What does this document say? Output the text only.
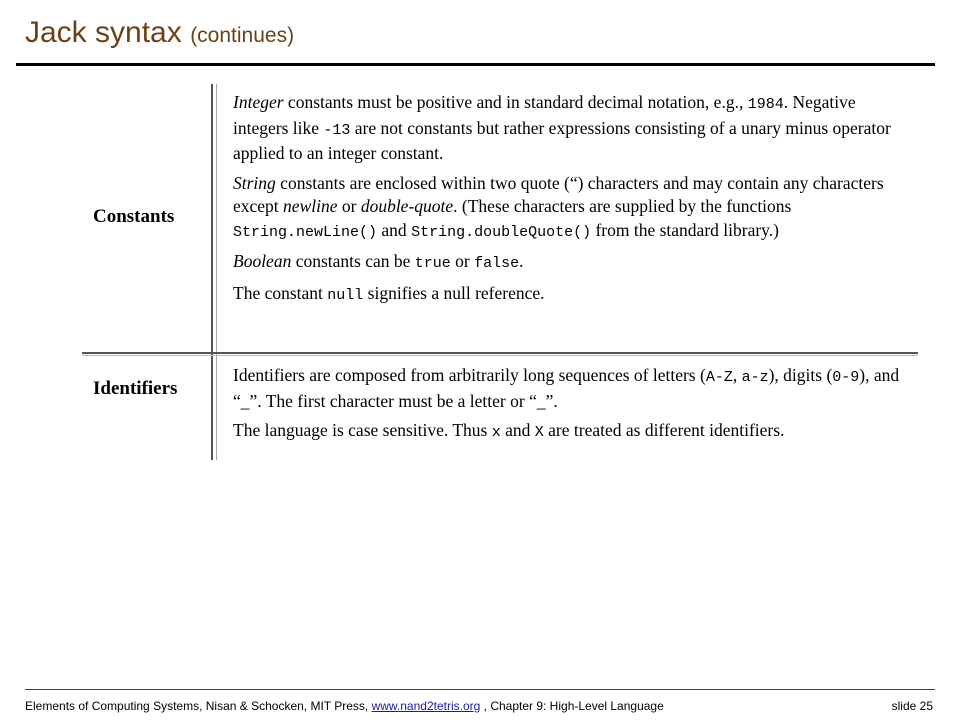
Jack syntax (continues)
Constants

Integer constants must be positive and in standard decimal notation, e.g., 1984. Negative integers like -13 are not constants but rather expressions consisting of a unary minus operator applied to an integer constant.

String constants are enclosed within two quote (“) characters and may contain any characters except newline or double-quote. (These characters are supplied by the functions String.newLine() and String.doubleQuote() from the standard library.)

Boolean constants can be true or false.

The constant null signifies a null reference.

Identifiers

Identifiers are composed from arbitrarily long sequences of letters (A-Z, a-z), digits (0-9), and “_”. The first character must be a letter or “_”.

The language is case sensitive. Thus x and X are treated as different identifiers.

Elements of Computing Systems, Nisan & Schocken, MIT Press, www.nand2tetris.org , Chapter 9: High-Level Language	slide 25
